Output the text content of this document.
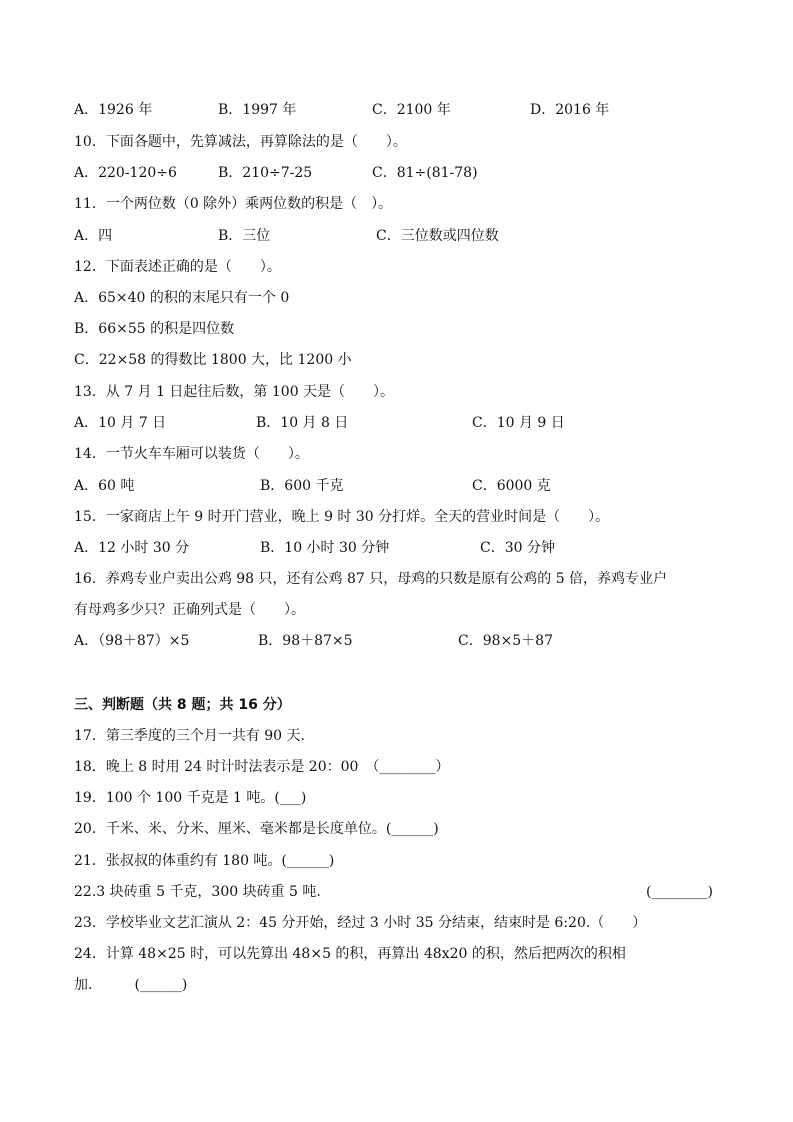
A．1926 年	B．1997 年	C．2100 年	D．2016 年
10．下面各题中，先算减法，再算除法的是（　　）。
A．220-120÷6	B．210÷7-25	C．81÷(81-78)
11．一个两位数（0 除外）乘两位数的积是（　）。
A．四	B．三位	C．三位数或四位数
12．下面表述正确的是（　　）。
A．65×40 的积的末尾只有一个 0
B．66×55 的积是四位数
C．22×58 的得数比 1800 大，比 1200 小
13．从 7 月 1 日起往后数，第 100 天是（　　）。
A．10 月 7 日	B．10 月 8 日	C．10 月 9 日
14．一节火车车厢可以装货（　　）。
A．60 吨	B．600 千克	C．6000 克
15．一家商店上午 9 时开门营业，晚上 9 时 30 分打烊。全天的营业时间是（　　）。
A．12 小时 30 分	B．10 小时 30 分钟	C．30 分钟
16．养鸡专业户卖出公鸡 98 只，还有公鸡 87 只，母鸡的只数是原有公鸡的 5 倍，养鸡专业户
有母鸡多少只？正确列式是（　　）。
A．（98＋87）×5	B．98＋87×5	C．98×5＋87
三、判断题（共 8 题；共 16 分）
17．第三季度的三个月一共有 90 天.
18．晚上 8 时用 24 时计时法表示是 20：00　（________）
19．100 个 100 千克是 1 吨。(___)
20．千米、米、分米、厘米、毫米都是长度单位。(______)
21．张叔叔的体重约有 180 吨。(______)
22.3 块砖重 5 千克，300 块砖重 5 吨.	(________)
23．学校毕业文艺汇演从 2：45 分开始，经过 3 小时 35 分结束，结束时是 6:20.（　　）
24．计算 48×25 时，可以先算出 48×5 的积，再算出 48x20 的积，然后把两次的积相
加.　　　(______)
